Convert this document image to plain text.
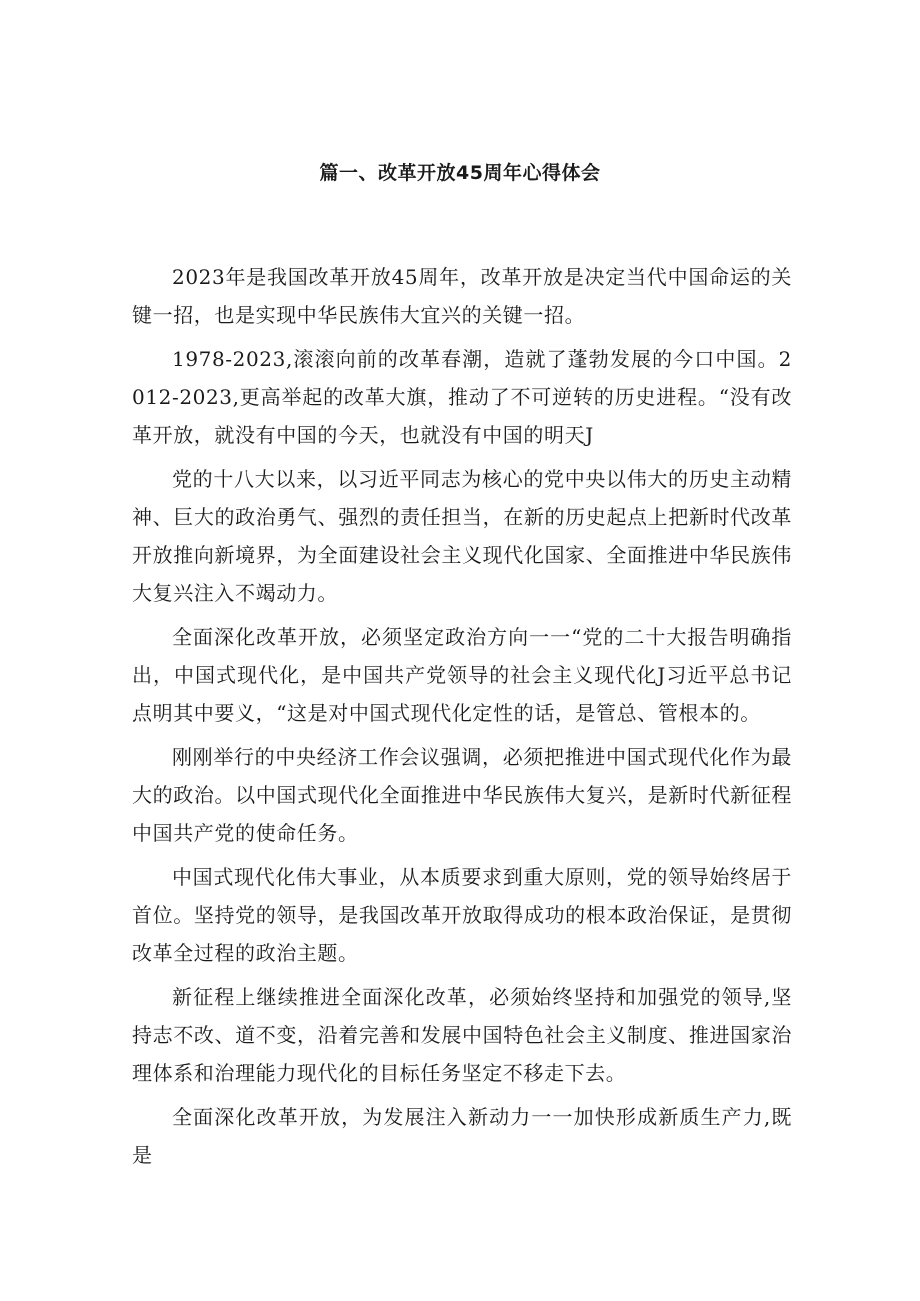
篇一、改革开放45周年心得体会

2023年是我国改革开放45周年，改革开放是决定当代中国命运的关键一招，也是实现中华民族伟大宜兴的关键一招。

1978-2023,滚滚向前的改革春潮，造就了蓬勃发展的今口中国。2012-2023,更高举起的改革大旗，推动了不可逆转的历史进程。“没有改革开放，就没有中国的今天，也就没有中国的明天J

党的十八大以来，以习近平同志为核心的党中央以伟大的历史主动精神、巨大的政治勇气、强烈的责任担当，在新的历史起点上把新时代改革开放推向新境界，为全面建设社会主义现代化国家、全面推进中华民族伟大复兴注入不竭动力。

全面深化改革开放，必须坚定政治方向一一“党的二十大报告明确指出，中国式现代化，是中国共产党领导的社会主义现代化J习近平总书记点明其中要义，“这是对中国式现代化定性的话，是管总、管根本的。

刚刚举行的中央经济工作会议强调，必须把推进中国式现代化作为最大的政治。以中国式现代化全面推进中华民族伟大复兴，是新时代新征程中国共产党的使命任务。

中国式现代化伟大事业，从本质要求到重大原则，党的领导始终居于首位。坚持党的领导，是我国改革开放取得成功的根本政治保证，是贯彻改革全过程的政治主题。

新征程上继续推进全面深化改革，必须始终坚持和加强党的领导,坚持志不改、道不变，沿着完善和发展中国特色社会主义制度、推进国家治理体系和治理能力现代化的目标任务坚定不移走下去。

全面深化改革开放，为发展注入新动力一一加快形成新质生产力,既是
